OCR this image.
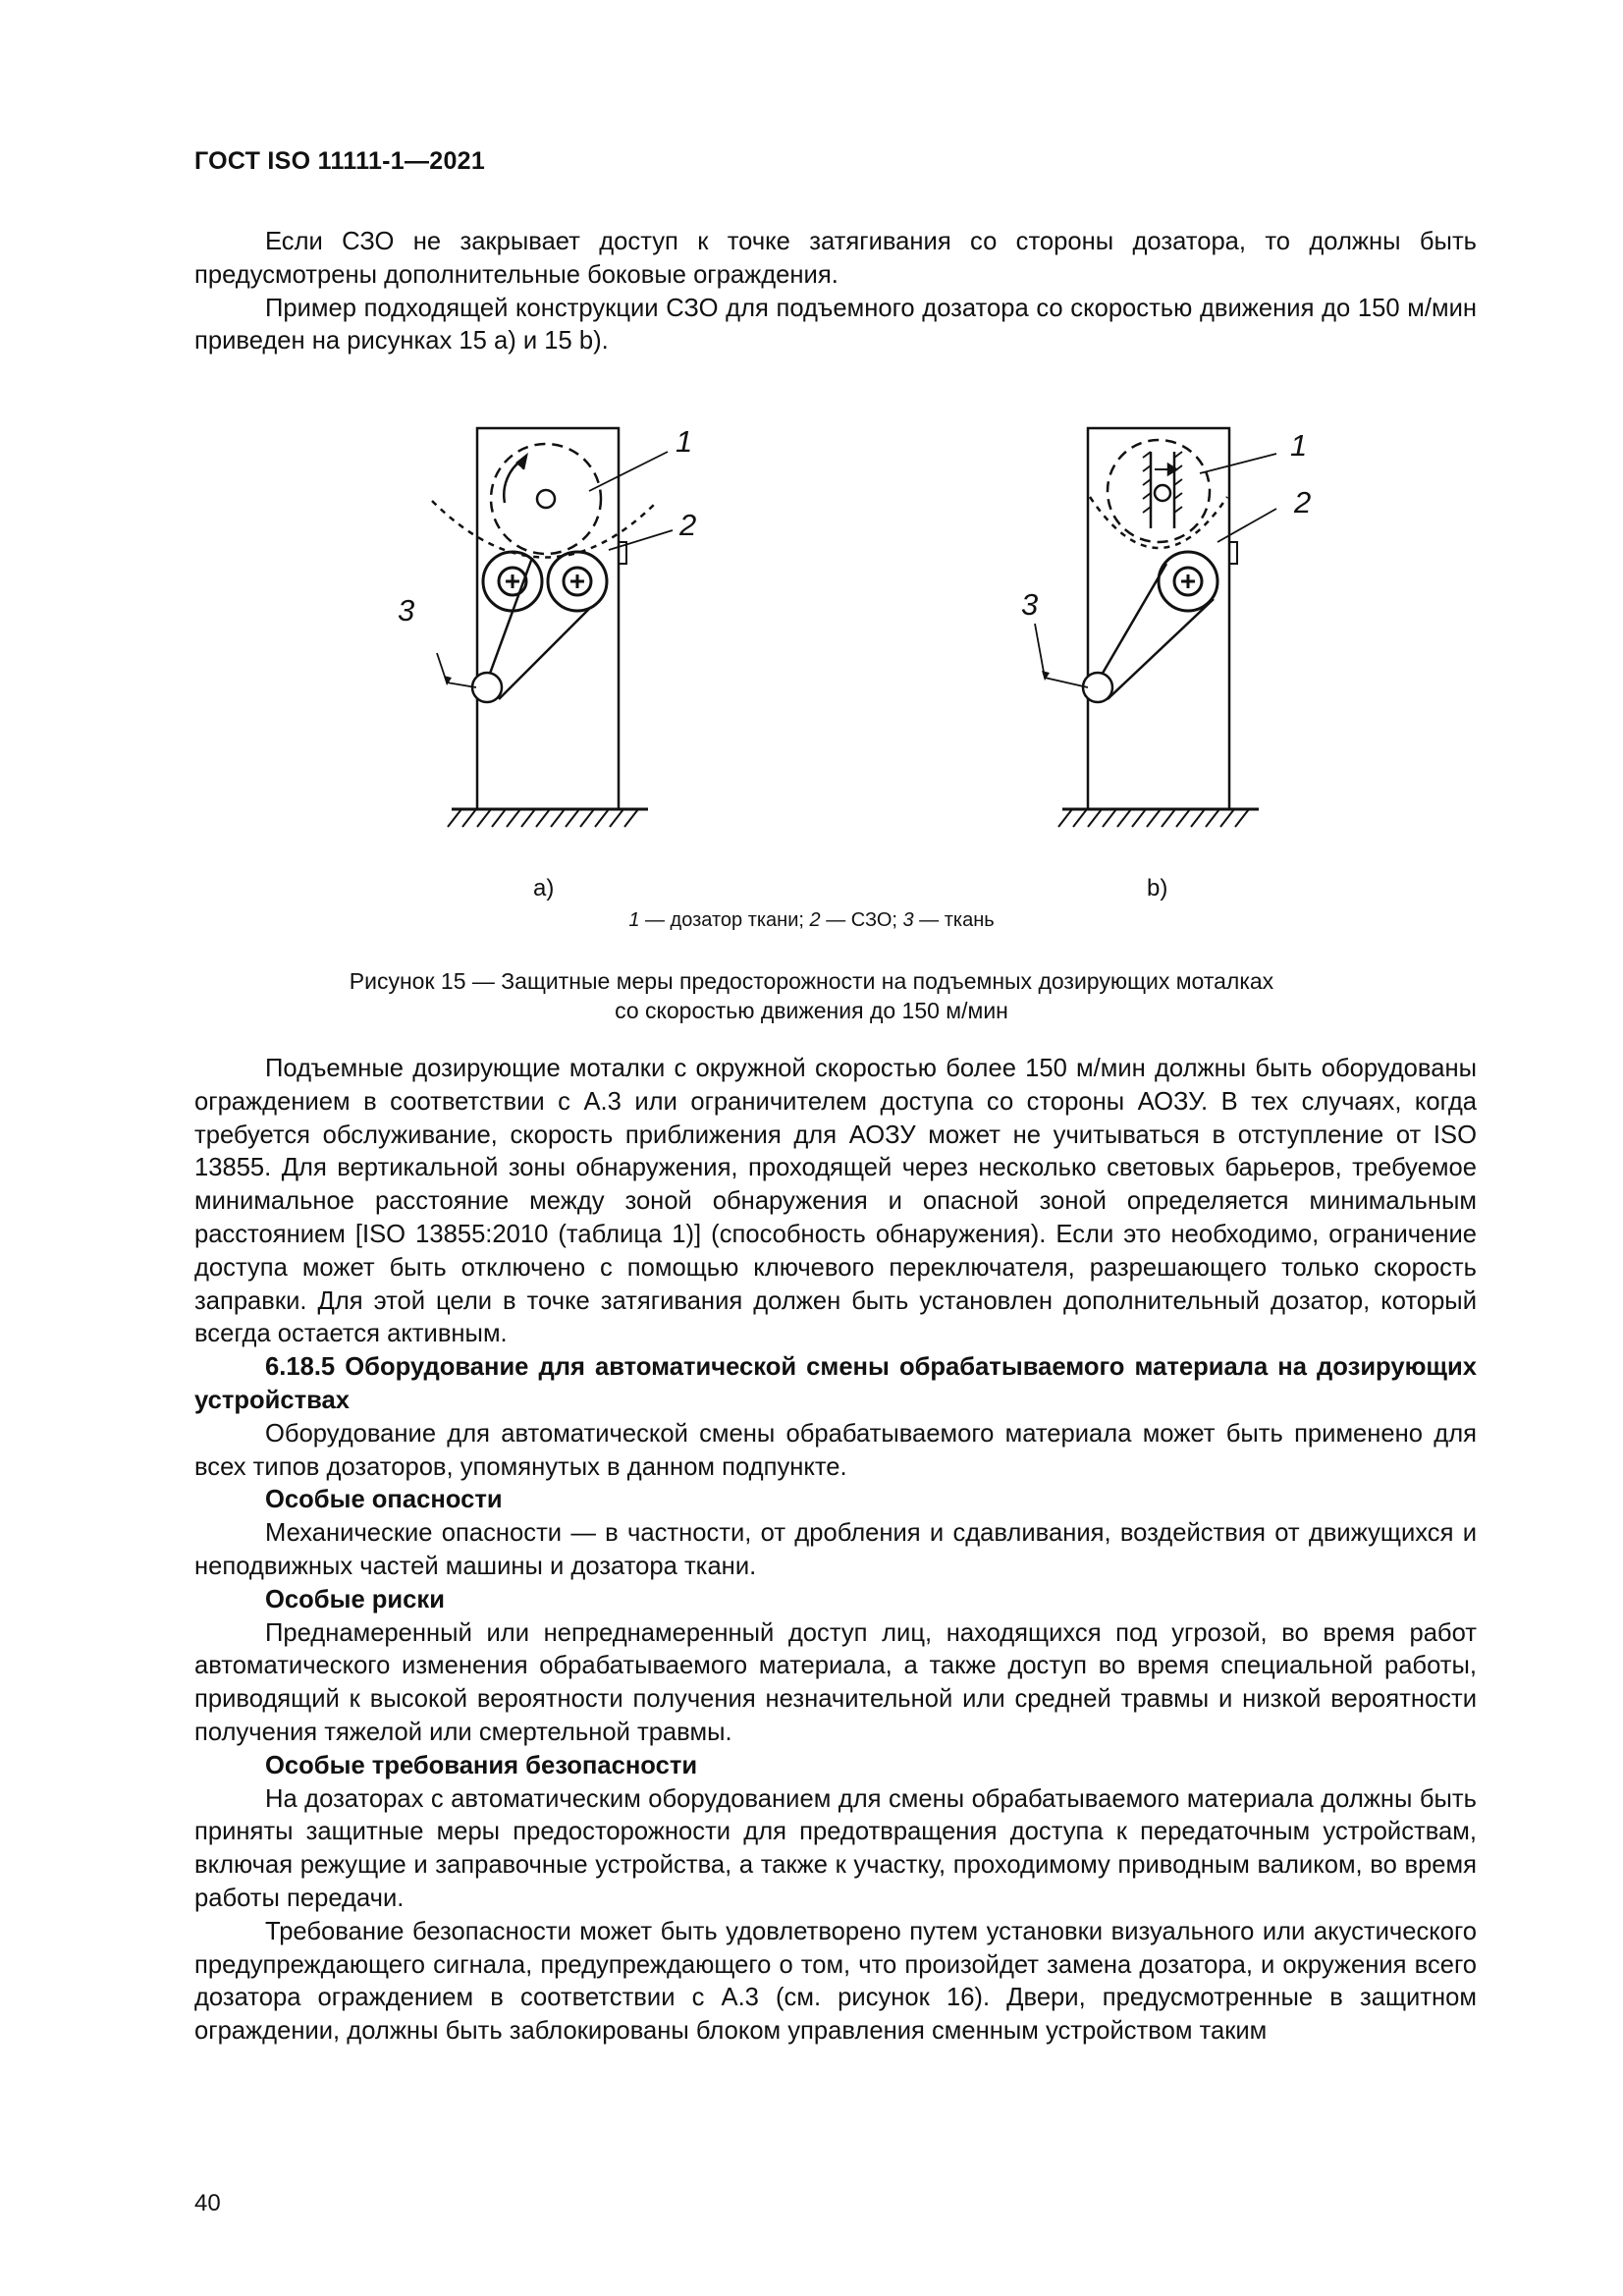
ГОСТ ISO 11111-1—2021

Если СЗО не закрывает доступ к точке затягивания со стороны дозатора, то должны быть предусмотрены дополнительные боковые ограждения.

Пример подходящей конструкции СЗО для подъемного дозатора со скоростью движения до 150 м/мин приведен на рисунках 15 а) и 15 b).

1
2
3
1
2
3
a)	b)
1 — дозатор ткани; 2 — СЗО; 3 — ткань
Рисунок 15 — Защитные меры предосторожности на подъемных дозирующих моталках
со скоростью движения до 150 м/мин

Подъемные дозирующие моталки с окружной скоростью более 150 м/мин должны быть оборудованы ограждением в соответствии с А.3 или ограничителем доступа со стороны АОЗУ. В тех случаях, когда требуется обслуживание, скорость приближения для АОЗУ может не учитываться в отступление от ISO 13855. Для вертикальной зоны обнаружения, проходящей через несколько световых барьеров, требуемое минимальное расстояние между зоной обнаружения и опасной зоной определяется минимальным расстоянием [ISO 13855:2010 (таблица 1)] (способность обнаружения). Если это необходимо, ограничение доступа может быть отключено с помощью ключевого переключателя, разрешающего только скорость заправки. Для этой цели в точке затягивания должен быть установлен дополнительный дозатор, который всегда остается активным.

6.18.5 Оборудование для автоматической смены обрабатываемого материала на дозирующих устройствах

Оборудование для автоматической смены обрабатываемого материала может быть применено для всех типов дозаторов, упомянутых в данном подпункте.

Особые опасности

Механические опасности — в частности, от дробления и сдавливания, воздействия от движущихся и неподвижных частей машины и дозатора ткани.

Особые риски

Преднамеренный или непреднамеренный доступ лиц, находящихся под угрозой, во время работ автоматического изменения обрабатываемого материала, а также доступ во время специальной работы, приводящий к высокой вероятности получения незначительной или средней травмы и низкой вероятности получения тяжелой или смертельной травмы.

Особые требования безопасности

На дозаторах с автоматическим оборудованием для смены обрабатываемого материала должны быть приняты защитные меры предосторожности для предотвращения доступа к передаточным устройствам, включая режущие и заправочные устройства, а также к участку, проходимому приводным валиком, во время работы передачи.

Требование безопасности может быть удовлетворено путем установки визуального или акустического предупреждающего сигнала, предупреждающего о том, что произойдет замена дозатора, и окружения всего дозатора ограждением в соответствии с А.3 (см. рисунок 16). Двери, предусмотренные в защитном ограждении, должны быть заблокированы блоком управления сменным устройством таким

40
